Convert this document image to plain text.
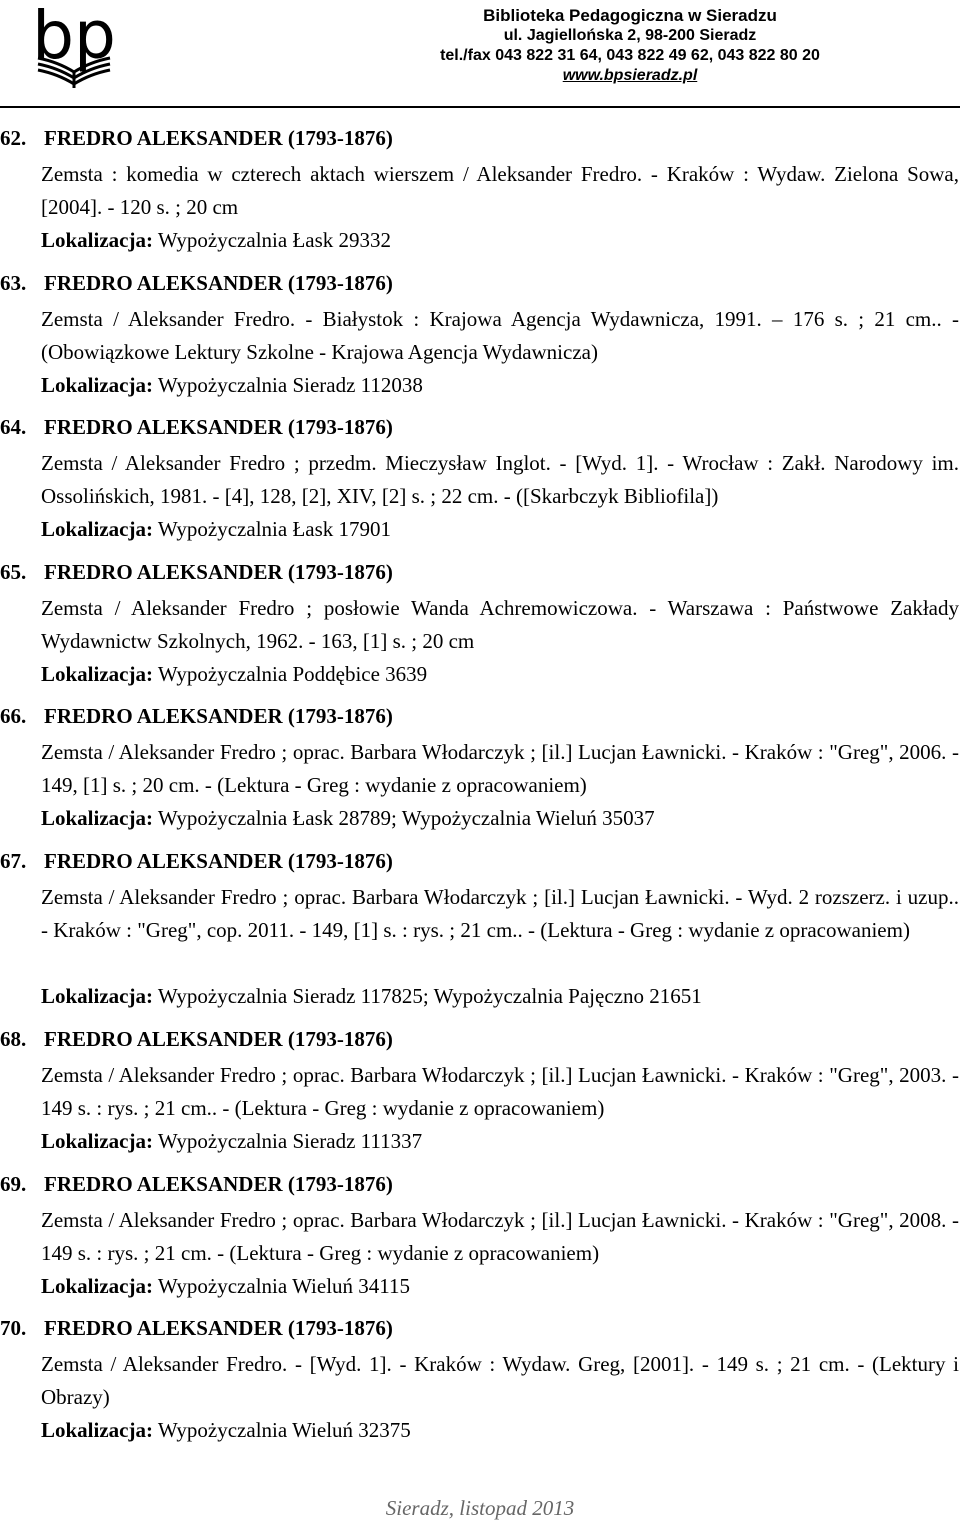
bp	Biblioteka Pedagogiczna w Sieradzu
ul. Jagiellońska 2, 98-200 Sieradz
tel./fax 043 822 31 64, 043 822 49 62, 043 822 80 20
www.bpsieradz.pl
62. FREDRO ALEKSANDER (1793-1876)
Zemsta : komedia w czterech aktach wierszem / Aleksander Fredro. - Kraków : Wydaw. Zielona Sowa, [2004]. - 120 s. ; 20 cm
Lokalizacja: Wypożyczalnia Łask 29332
63. FREDRO ALEKSANDER (1793-1876)
Zemsta / Aleksander Fredro. - Białystok : Krajowa Agencja Wydawnicza, 1991. ‒ 176 s. ; 21 cm.. - (Obowiązkowe Lektury Szkolne - Krajowa Agencja Wydawnicza)
Lokalizacja: Wypożyczalnia Sieradz 112038
64. FREDRO ALEKSANDER (1793-1876)
Zemsta / Aleksander Fredro ; przedm. Mieczysław Inglot. - [Wyd. 1]. - Wrocław : Zakł. Narodowy im. Ossolińskich, 1981. - [4], 128, [2], XIV, [2] s. ; 22 cm. - ([Skarbczyk Bibliofila])
Lokalizacja: Wypożyczalnia Łask 17901
65. FREDRO ALEKSANDER (1793-1876)
Zemsta / Aleksander Fredro ; posłowie Wanda Achremowiczowa. - Warszawa : Państwowe Zakłady Wydawnictw Szkolnych, 1962. - 163, [1] s. ; 20 cm
Lokalizacja: Wypożyczalnia Poddębice 3639
66. FREDRO ALEKSANDER (1793-1876)
Zemsta / Aleksander Fredro ; oprac. Barbara Włodarczyk ; [il.] Lucjan Ławnicki. - Kraków : "Greg", 2006. - 149, [1] s. ; 20 cm. - (Lektura - Greg : wydanie z opracowaniem)
Lokalizacja: Wypożyczalnia Łask 28789; Wypożyczalnia Wieluń 35037
67. FREDRO ALEKSANDER (1793-1876)
Zemsta / Aleksander Fredro ; oprac. Barbara Włodarczyk ; [il.] Lucjan Ławnicki. - Wyd. 2 rozszerz. i uzup.. - Kraków : "Greg", cop. 2011. - 149, [1] s. : rys. ; 21 cm.. - (Lektura - Greg : wydanie z opracowaniem)
Lokalizacja: Wypożyczalnia Sieradz 117825; Wypożyczalnia Pajęczno 21651
68. FREDRO ALEKSANDER (1793-1876)
Zemsta / Aleksander Fredro ; oprac. Barbara Włodarczyk ; [il.] Lucjan Ławnicki. - Kraków : "Greg", 2003. - 149 s. : rys. ; 21 cm.. - (Lektura - Greg : wydanie z opracowaniem)
Lokalizacja: Wypożyczalnia Sieradz 111337
69. FREDRO ALEKSANDER (1793-1876)
Zemsta / Aleksander Fredro ; oprac. Barbara Włodarczyk ; [il.] Lucjan Ławnicki. - Kraków : "Greg", 2008. - 149 s. : rys. ; 21 cm. - (Lektura - Greg : wydanie z opracowaniem)
Lokalizacja: Wypożyczalnia Wieluń 34115
70. FREDRO ALEKSANDER (1793-1876)
Zemsta / Aleksander Fredro. - [Wyd. 1]. - Kraków : Wydaw. Greg, [2001]. - 149 s. ; 21 cm. - (Lektury i Obrazy)
Lokalizacja: Wypożyczalnia Wieluń 32375
Sieradz, listopad 2013
